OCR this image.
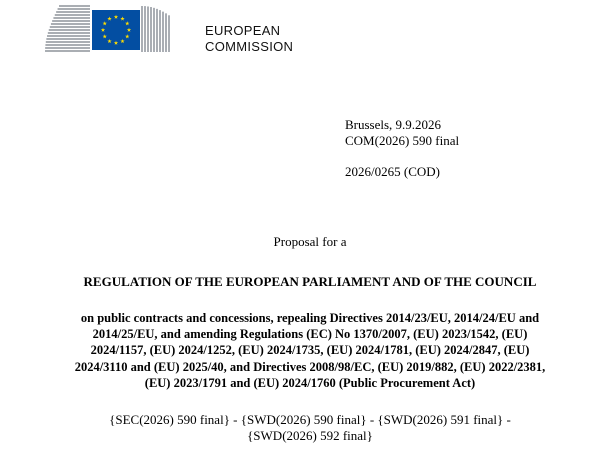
EUROPEAN
COMMISSION
Brussels, 9.9.2026
COM(2026) 590 final
2026/0265 (COD)
Proposal for a
REGULATION OF THE EUROPEAN PARLIAMENT AND OF THE COUNCIL
on public contracts and concessions, repealing Directives 2014/23/EU, 2014/24/EU and
2014/25/EU, and amending Regulations (EC) No 1370/2007, (EU) 2023/1542, (EU)
2024/1157, (EU) 2024/1252, (EU) 2024/1735, (EU) 2024/1781, (EU) 2024/2847, (EU)
2024/3110 and (EU) 2025/40, and Directives 2008/98/EC, (EU) 2019/882, (EU) 2022/2381,
(EU) 2023/1791 and (EU) 2024/1760 (Public Procurement Act)
{SEC(2026) 590 final} - {SWD(2026) 590 final} - {SWD(2026) 591 final} -
{SWD(2026) 592 final}
